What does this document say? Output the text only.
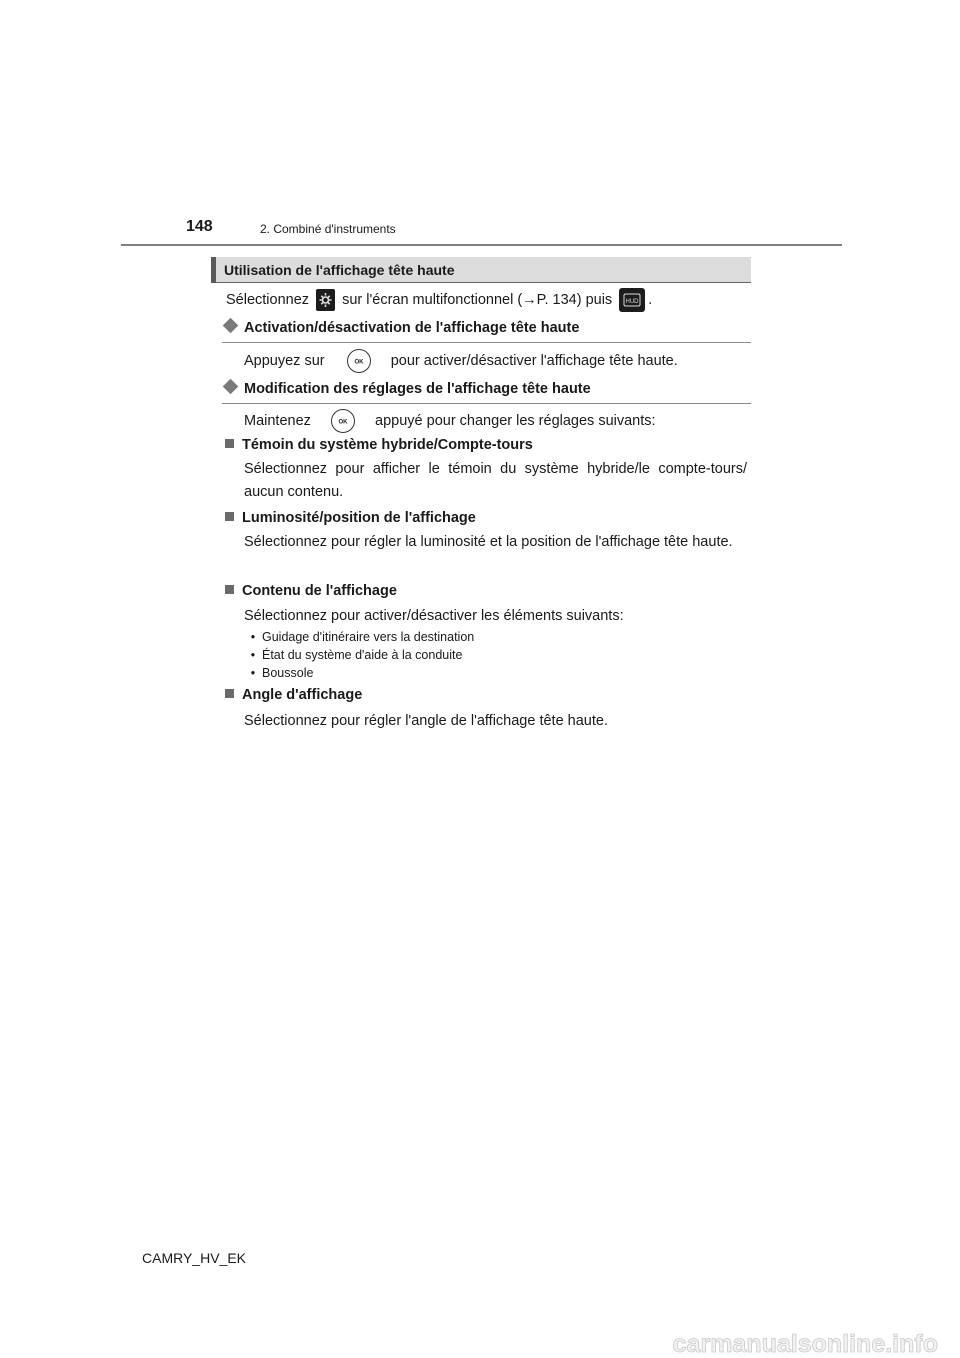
148	2. Combiné d'instruments
Utilisation de l'affichage tête haute
Sélectionnez sur l'écran multifonctionnel (→P. 134) puis HUD .
Activation/désactivation de l'affichage tête haute
Appuyez sur	OK pour activer/désactiver l'affichage tête haute.
Modification des réglages de l'affichage tête haute
Maintenez	OK appuyé pour changer les réglages suivants:
Témoin du système hybride/Compte-tours
Sélectionnez pour afficher le témoin du système hybride/le compte-tours/ aucun contenu.
Luminosité/position de l'affichage
Sélectionnez pour régler la luminosité et la position de l'affichage tête haute.
Contenu de l'affichage
Sélectionnez pour activer/désactiver les éléments suivants:
• Guidage d'itinéraire vers la destination
• État du système d'aide à la conduite
• Boussole
Angle d'affichage
Sélectionnez pour régler l'angle de l'affichage tête haute.
CAMRY_HV_EK
carmanualsonline.info
